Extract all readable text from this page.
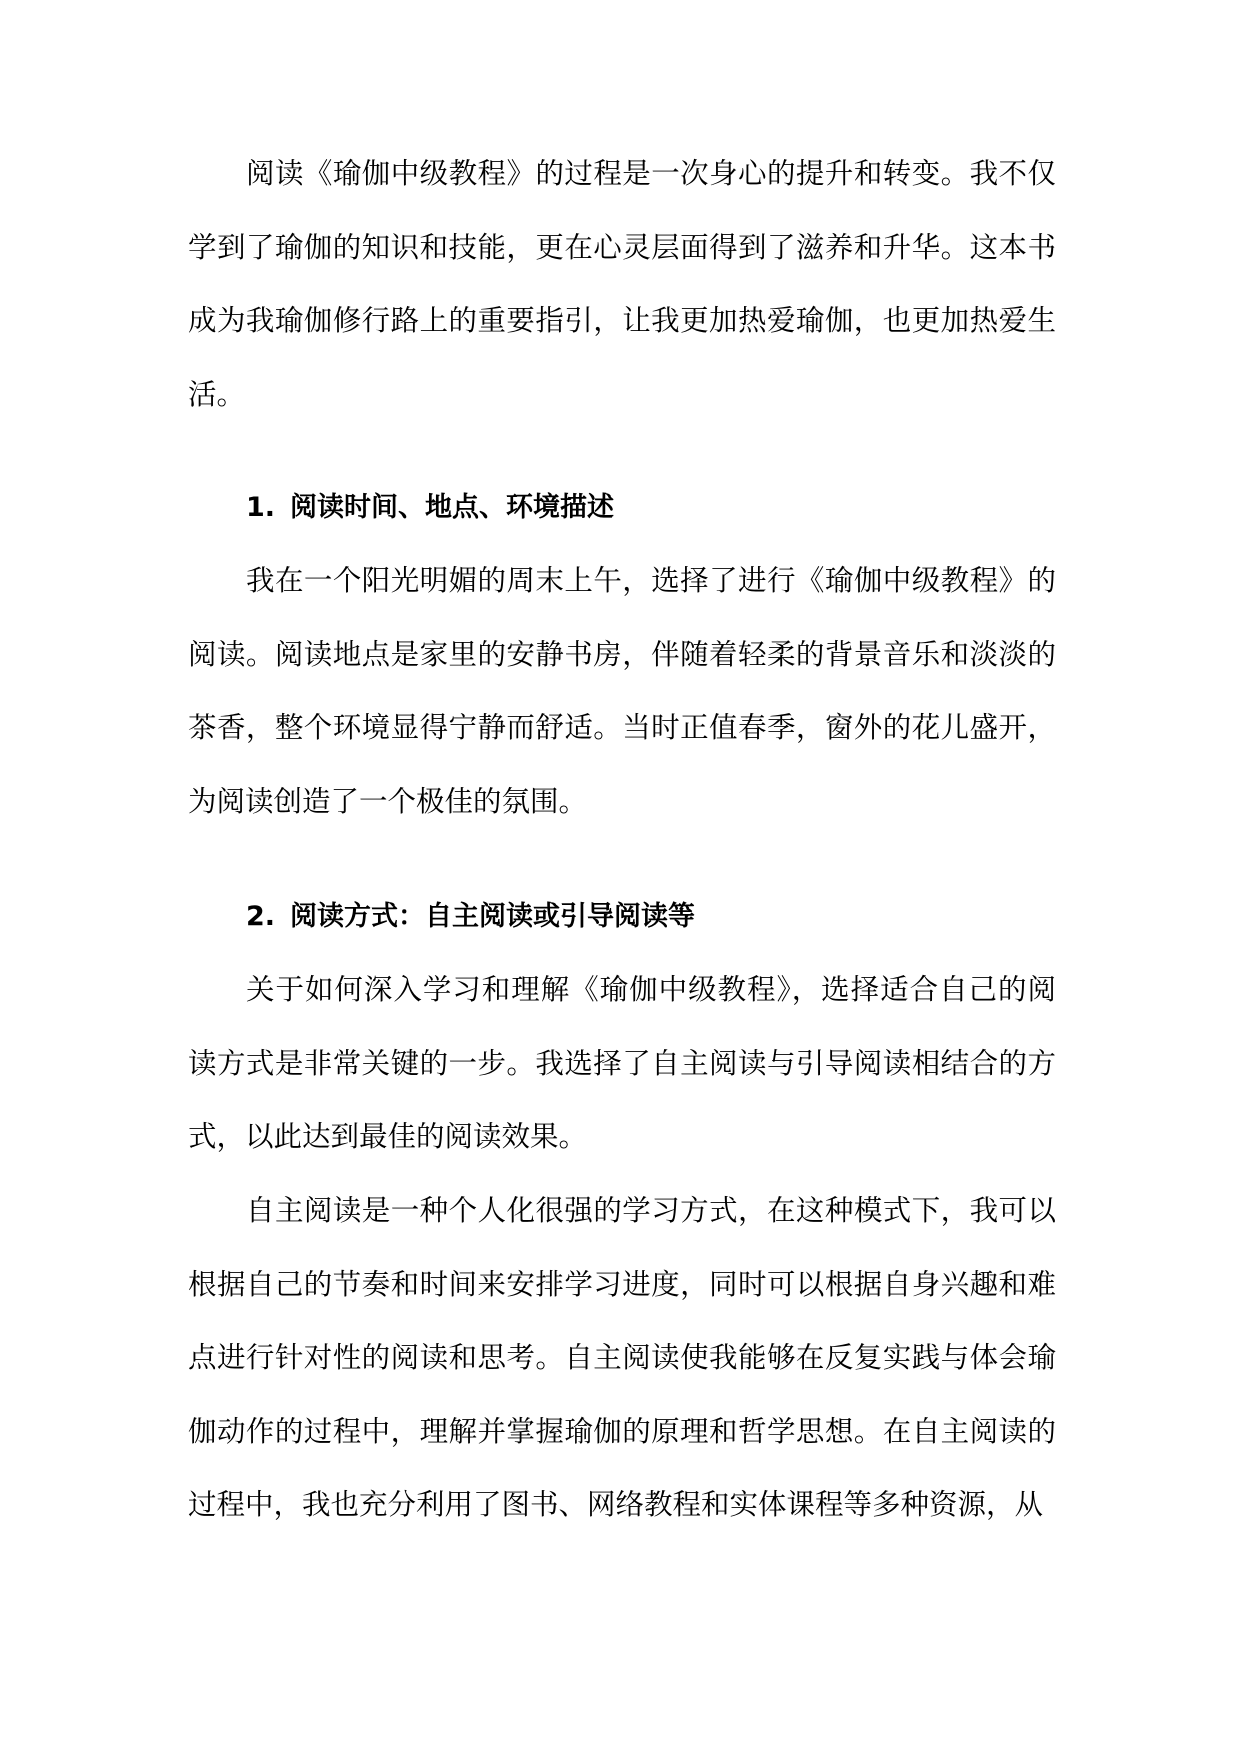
阅读《瑜伽中级教程》的过程是一次身心的提升和转变。我不仅学到了瑜伽的知识和技能，更在心灵层面得到了滋养和升华。这本书成为我瑜伽修行路上的重要指引，让我更加热爱瑜伽，也更加热爱生活。

1. 阅读时间、地点、环境描述

我在一个阳光明媚的周末上午，选择了进行《瑜伽中级教程》的阅读。阅读地点是家里的安静书房，伴随着轻柔的背景音乐和淡淡的茶香，整个环境显得宁静而舒适。当时正值春季，窗外的花儿盛开，为阅读创造了一个极佳的氛围。

2. 阅读方式：自主阅读或引导阅读等

关于如何深入学习和理解《瑜伽中级教程》，选择适合自己的阅读方式是非常关键的一步。我选择了自主阅读与引导阅读相结合的方式，以此达到最佳的阅读效果。

自主阅读是一种个人化很强的学习方式，在这种模式下，我可以根据自己的节奏和时间来安排学习进度，同时可以根据自身兴趣和难点进行针对性的阅读和思考。自主阅读使我能够在反复实践与体会瑜伽动作的过程中，理解并掌握瑜伽的原理和哲学思想。在自主阅读的过程中，我也充分利用了图书、网络教程和实体课程等多种资源，从
